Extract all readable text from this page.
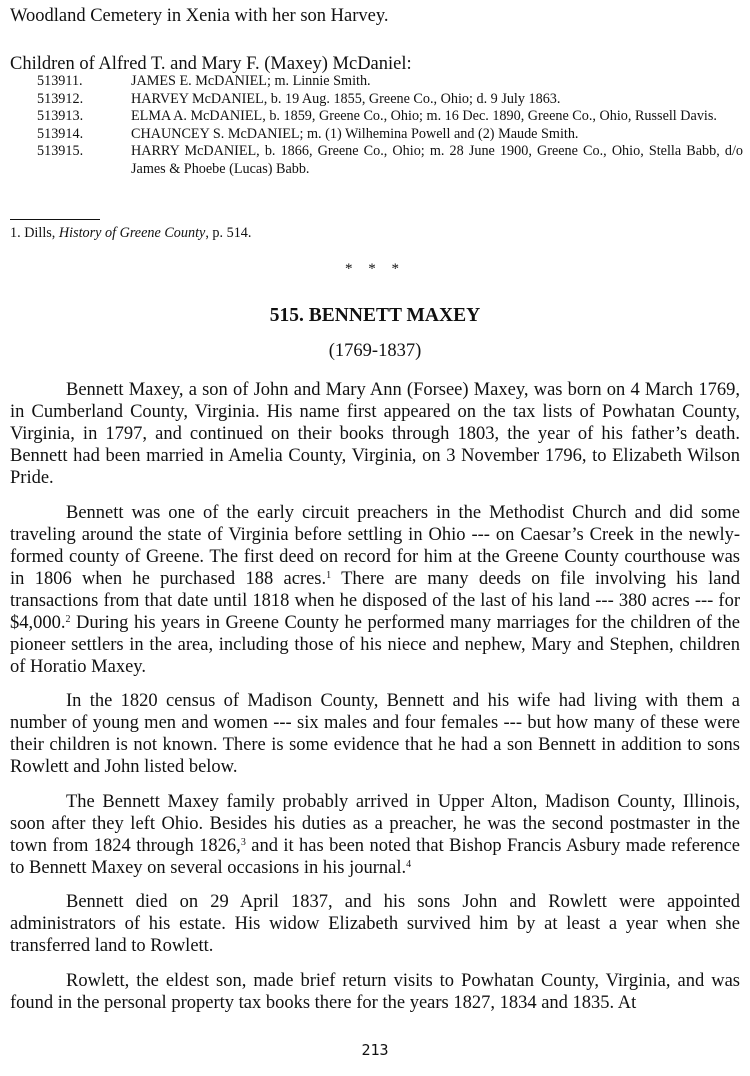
Woodland Cemetery in Xenia with her son Harvey.

Children of Alfred T. and Mary F. (Maxey) McDaniel:

513911.	JAMES E. McDANIEL; m. Linnie Smith.
513912.	HARVEY McDANIEL, b. 19 Aug. 1855, Greene Co., Ohio; d. 9 July 1863.
513913.	ELMA A. McDANIEL, b. 1859, Greene Co., Ohio; m. 16 Dec. 1890, Greene Co., Ohio, Russell Davis.
513914.	CHAUNCEY S. McDANIEL; m. (1) Wilhemina Powell and (2) Maude Smith.
513915.	HARRY McDANIEL, b. 1866, Greene Co., Ohio; m. 28 June 1900, Greene Co., Ohio, Stella Babb, d/o James & Phoebe (Lucas) Babb.

1. Dills, History of Greene County, p. 514.

* * *
515. BENNETT MAXEY
(1769-1837)

Bennett Maxey, a son of John and Mary Ann (Forsee) Maxey, was born on 4 March 1769, in Cumberland County, Virginia. His name first appeared on the tax lists of Powhatan County, Virginia, in 1797, and continued on their books through 1803, the year of his father’s death. Bennett had been married in Amelia County, Virginia, on 3 November 1796, to Elizabeth Wilson Pride.

Bennett was one of the early circuit preachers in the Methodist Church and did some traveling around the state of Virginia before settling in Ohio --- on Caesar’s Creek in the newly-formed county of Greene. The first deed on record for him at the Greene County courthouse was in 1806 when he purchased 188 acres.$^1$ There are many deeds on file involving his land transactions from that date until 1818 when he disposed of the last of his land --- 380 acres --- for $4,000.$^2$ During his years in Greene County he performed many marriages for the children of the pioneer settlers in the area, including those of his niece and nephew, Mary and Stephen, children of Horatio Maxey.

In the 1820 census of Madison County, Bennett and his wife had living with them a number of young men and women --- six males and four females --- but how many of these were their children is not known. There is some evidence that he had a son Bennett in addition to sons Rowlett and John listed below.

The Bennett Maxey family probably arrived in Upper Alton, Madison County, Illinois, soon after they left Ohio. Besides his duties as a preacher, he was the second postmaster in the town from 1824 through 1826,$^3$ and it has been noted that Bishop Francis Asbury made reference to Bennett Maxey on several occasions in his journal.$^4$

Bennett died on 29 April 1837, and his sons John and Rowlett were appointed administrators of his estate. His widow Elizabeth survived him by at least a year when she transferred land to Rowlett.

Rowlett, the eldest son, made brief return visits to Powhatan County, Virginia, and was found in the personal property tax books there for the years 1827, 1834 and 1835. At

213
